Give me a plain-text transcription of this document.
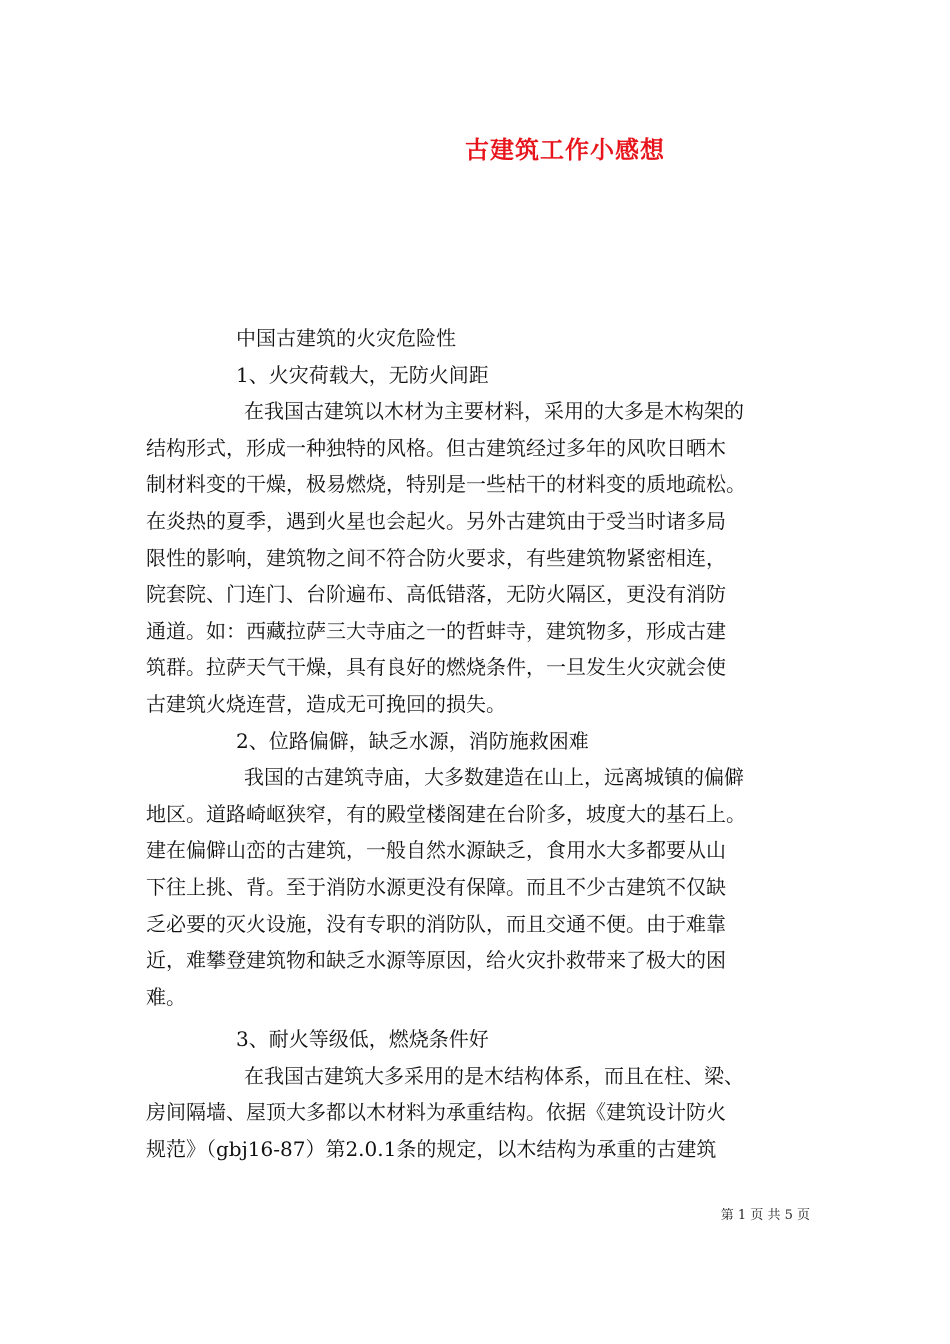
古建筑工作小感想
中国古建筑的火灾危险性
1、火灾荷载大，无防火间距
在我国古建筑以木材为主要材料，采用的大多是木构架的
结构形式，形成一种独特的风格。但古建筑经过多年的风吹日晒木
制材料变的干燥，极易燃烧，特别是一些枯干的材料变的质地疏松。
在炎热的夏季，遇到火星也会起火。另外古建筑由于受当时诸多局
限性的影响，建筑物之间不符合防火要求，有些建筑物紧密相连，
院套院、门连门、台阶遍布、高低错落，无防火隔区，更没有消防
通道。如：西藏拉萨三大寺庙之一的哲蚌寺，建筑物多，形成古建
筑群。拉萨天气干燥，具有良好的燃烧条件，一旦发生火灾就会使
古建筑火烧连营，造成无可挽回的损失。
2、位路偏僻，缺乏水源，消防施救困难
我国的古建筑寺庙，大多数建造在山上，远离城镇的偏僻
地区。道路崎岖狭窄，有的殿堂楼阁建在台阶多，坡度大的基石上。
建在偏僻山峦的古建筑，一般自然水源缺乏，食用水大多都要从山
下往上挑、背。至于消防水源更没有保障。而且不少古建筑不仅缺
乏必要的灭火设施，没有专职的消防队，而且交通不便。由于难靠
近，难攀登建筑物和缺乏水源等原因，给火灾扑救带来了极大的困
难。
3、耐火等级低，燃烧条件好
在我国古建筑大多采用的是木结构体系，而且在柱、梁、
房间隔墙、屋顶大多都以木材料为承重结构。依据《建筑设计防火
规范》（gbj16-87）第2.0.1条的规定，以木结构为承重的古建筑
第 1 页 共 5 页
